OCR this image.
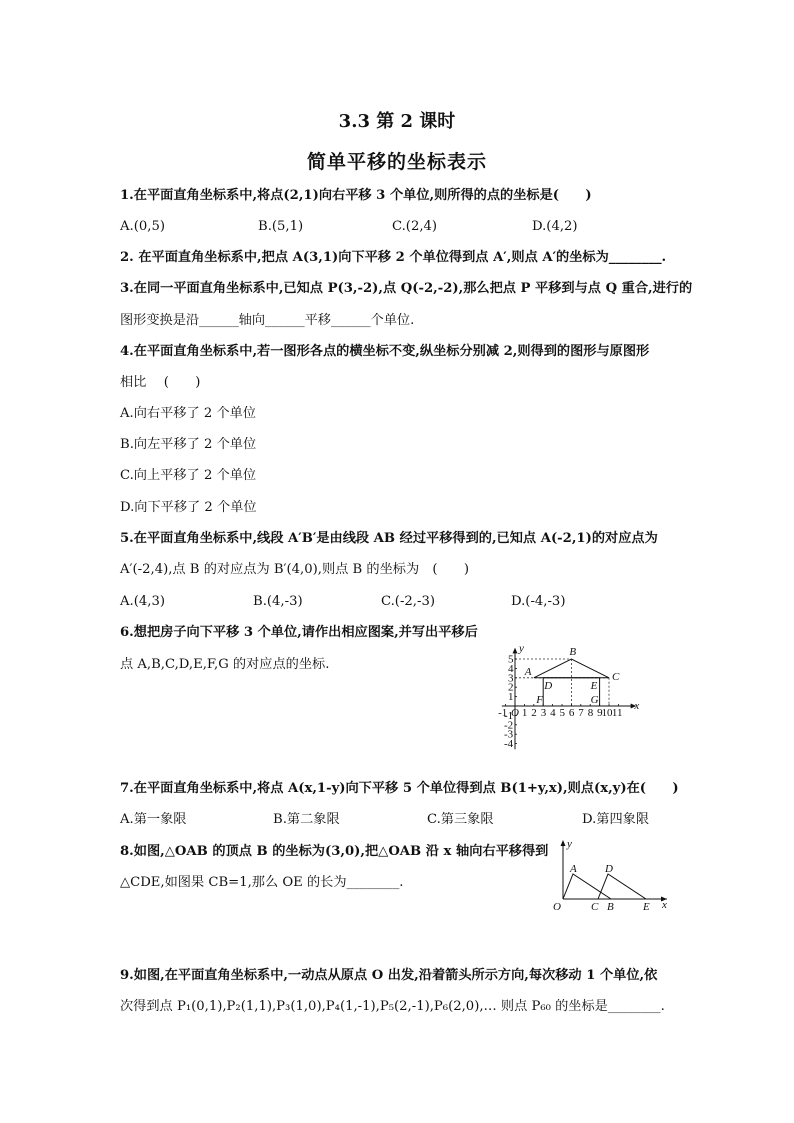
3.3 第 2 课时
简单平移的坐标表示
1.在平面直角坐标系中,将点(2,1)向右平移 3 个单位,则所得的点的坐标是(　　)
A.(0,5)	B.(5,1)	C.(2,4)	D.(4,2)
2. 在平面直角坐标系中,把点 A(3,1)向下平移 2 个单位得到点 A′,则点 A′的坐标为________.
3.在同一平面直角坐标系中,已知点 P(3,-2),点 Q(-2,-2),那么把点 P 平移到与点 Q 重合,进行的
图形变换是沿______轴向______平移______个单位.
4.在平面直角坐标系中,若一图形各点的横坐标不变,纵坐标分别减 2,则得到的图形与原图形
相比　 (　　)
A.向右平移了 2 个单位
B.向左平移了 2 个单位
C.向上平移了 2 个单位
D.向下平移了 2 个单位
5.在平面直角坐标系中,线段 A′B′是由线段 AB 经过平移得到的,已知点 A(-2,1)的对应点为
A′(-2,4),点 B 的对应点为 B′(4,0),则点 B 的坐标为　(　　)
A.(4,3)	B.(4,-3)	C.(-2,-3)	D.(-4,-3)
6.想把房子向下平移 3 个单位,请作出相应图案,并写出平移后
点 A,B,C,D,E,F,G 的对应点的坐标.
-1 1 2 3 4 5 6 7 8 9
10 11
5
4
3
2
1
-1
-2
-3
-4
O
x
y
A
B
C
D	E
F	G
7.在平面直角坐标系中,将点 A(x,1-y)向下平移 5 个单位得到点 B(1+y,x),则点(x,y)在(　　)
A.第一象限	B.第二象限	C.第三象限	D.第四象限
8.如图,△OAB 的顶点 B 的坐标为(3,0),把△OAB 沿 x 轴向右平移得到
△CDE,如图果 CB=1,那么 OE 的长为________.
A	D
O	C B	E x
y
9.如图,在平面直角坐标系中,一动点从原点 O 出发,沿着箭头所示方向,每次移动 1 个单位,依
次得到点 P₁(0,1),P₂(1,1),P₃(1,0),P₄(1,-1),P₅(2,-1),P₆(2,0),… 则点 P₆₀ 的坐标是________.
